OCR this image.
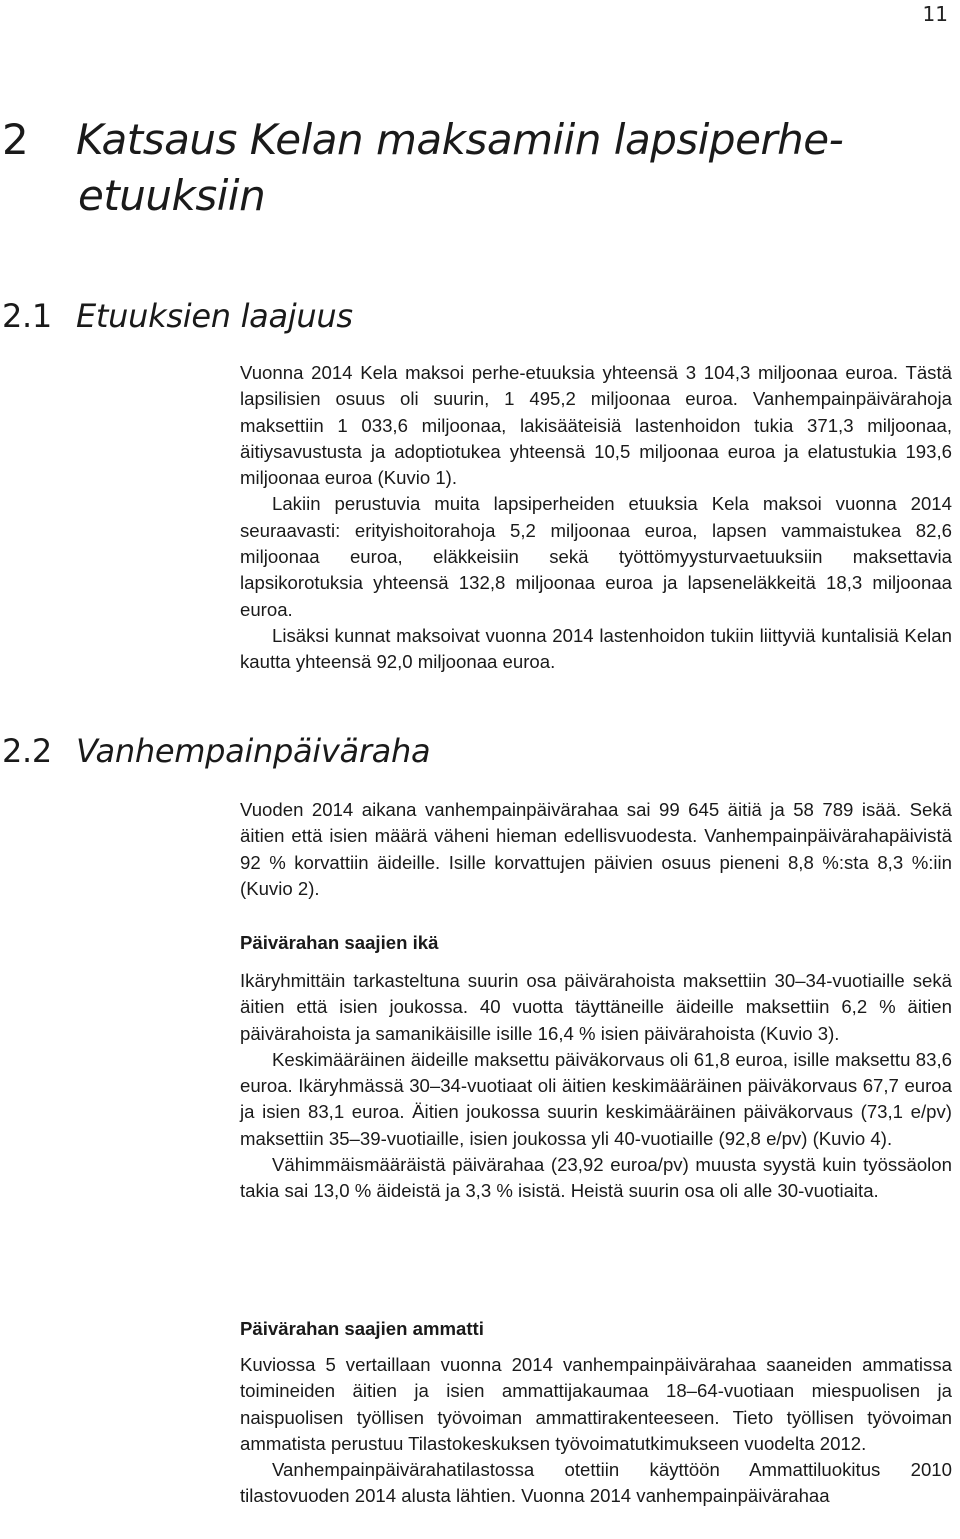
11
2 Katsaus Kelan maksamiin lapsiperhe-
etuuksiin
2.1 Etuuksien laajuus

Vuonna 2014 Kela maksoi perhe-etuuksia yhteensä 3 104,3 miljoonaa euroa. Tästä lapsilisien osuus oli suurin, 1 495,2 miljoonaa euroa. Vanhempainpäivärahoja maksettiin 1 033,6 miljoonaa, lakisääteisiä lastenhoidon tukia 371,3 miljoonaa, äitiysavustusta ja adoptiotukea yhteensä 10,5 miljoonaa euroa ja elatustukia 193,6 miljoonaa euroa (Kuvio 1).

Lakiin perustuvia muita lapsiperheiden etuuksia Kela maksoi vuonna 2014 seuraavasti: erityishoitorahoja 5,2 miljoonaa euroa, lapsen vammaistukea 82,6 miljoonaa euroa, eläkkeisiin sekä työttömyysturvaetuuksiin maksettavia lapsikorotuksia yhteensä 132,8 miljoonaa euroa ja lapseneläkkeitä 18,3 miljoonaa euroa.

Lisäksi kunnat maksoivat vuonna 2014 lastenhoidon tukiin liittyviä kuntalisiä Kelan kautta yhteensä 92,0 miljoonaa euroa.

2.2 Vanhempainpäiväraha

Vuoden 2014 aikana vanhempainpäivärahaa sai 99 645 äitiä ja 58 789 isää. Sekä äitien että isien määrä väheni hieman edellisvuodesta. Vanhempainpäivärahapäivistä 92 % korvattiin äideille. Isille korvattujen päivien osuus pieneni 8,8 %:sta 8,3 %:iin (Kuvio 2).

Päivärahan saajien ikä

Ikäryhmittäin tarkasteltuna suurin osa päivärahoista maksettiin 30–34-vuotiaille sekä äitien että isien joukossa. 40 vuotta täyttäneille äideille maksettiin 6,2 % äitien päivärahoista ja samanikäisille isille 16,4 % isien päivärahoista (Kuvio 3).

Keskimääräinen äideille maksettu päiväkorvaus oli 61,8 euroa, isille maksettu 83,6 euroa. Ikäryhmässä 30–34-vuotiaat oli äitien keskimääräinen päiväkorvaus 67,7 euroa ja isien 83,1 euroa. Äitien joukossa suurin keskimääräinen päiväkorvaus (73,1 e/pv) maksettiin 35–39-vuotiaille, isien joukossa yli 40-vuotiaille (92,8 e/pv) (Kuvio 4).

Vähimmäismääräistä päivärahaa (23,92 euroa/pv) muusta syystä kuin työssäolon takia sai 13,0 % äideistä ja 3,3 % isistä. Heistä suurin osa oli alle 30-vuotiaita.

Päivärahan saajien ammatti

Kuviossa 5 vertaillaan vuonna 2014 vanhempainpäivärahaa saaneiden ammatissa toimineiden äitien ja isien ammattijakaumaa 18–64-vuotiaan miespuolisen ja naispuolisen työllisen työvoiman ammattirakenteeseen. Tieto työllisen työvoiman ammatista perustuu Tilastokeskuksen työvoimatutkimukseen vuodelta 2012.

Vanhempainpäivärahatilastossa otettiin käyttöön Ammattiluokitus 2010 tilastovuoden 2014 alusta lähtien. Vuonna 2014 vanhempainpäivärahaa
